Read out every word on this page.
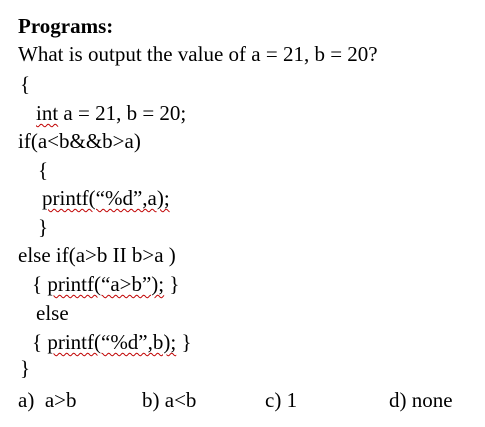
Programs:
What is output the value of a = 21, b = 20?
{
int a = 21, b = 20;
if(a<b&&b>a)
{
printf(“%d”,a);
}
else if(a>b II b>a )
{ printf(“a>b”); }
else
{ printf(“%d”,b); }
}
a)  a>b	b) a<b	c) 1	d) none
